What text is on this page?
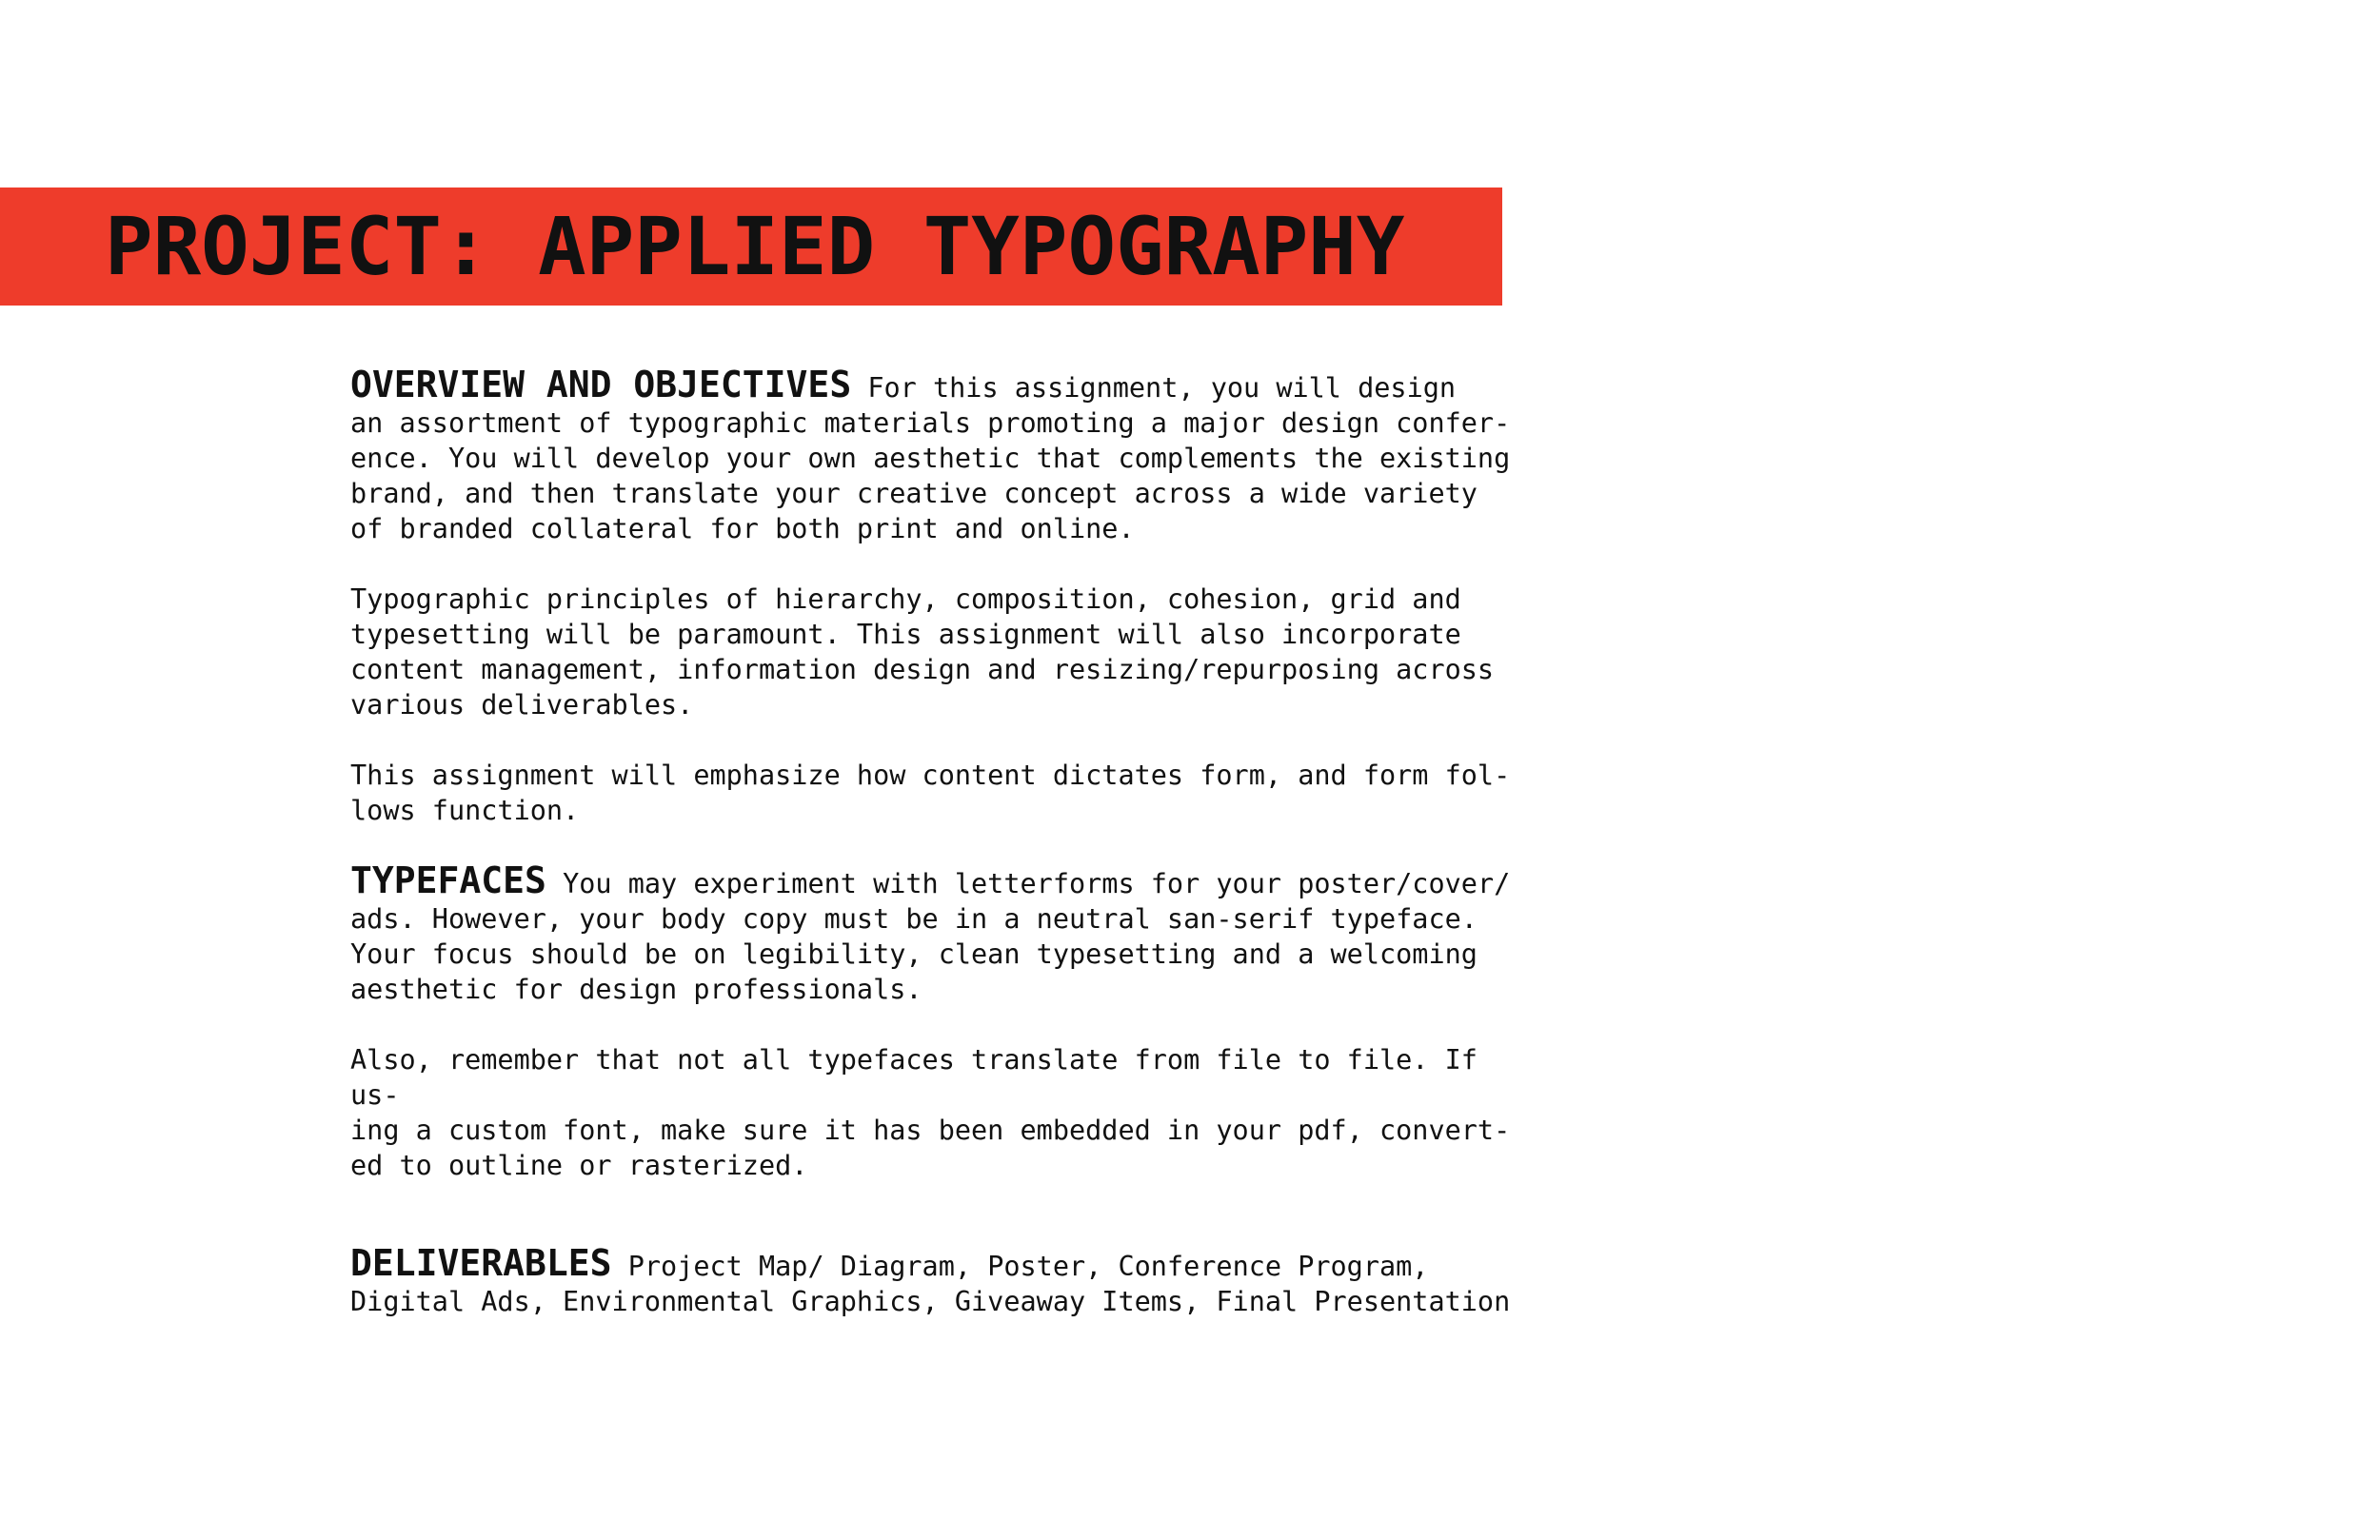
PROJECT: APPLIED TYPOGRAPHY

OVERVIEW AND OBJECTIVES For this assignment, you will design
an assortment of typographic materials promoting a major design confer-
ence. You will develop your own aesthetic that complements the existing
brand, and then translate your creative concept across a wide variety
of branded collateral for both print and online.

Typographic principles of hierarchy, composition, cohesion, grid and
typesetting will be paramount. This assignment will also incorporate
content management, information design and resizing/repurposing across
various deliverables.

This assignment will emphasize how content dictates form, and form fol-
lows function.

TYPEFACES You may experiment with letterforms for your poster/cover/
ads. However, your body copy must be in a neutral san-serif typeface.
Your focus should be on legibility, clean typesetting and a welcoming
aesthetic for design professionals.

Also, remember that not all typefaces translate from file to file. If us-
ing a custom font, make sure it has been embedded in your pdf, convert-
ed to outline or rasterized.

DELIVERABLES Project Map/ Diagram, Poster, Conference Program,
Digital Ads, Environmental Graphics, Giveaway Items, Final Presentation
